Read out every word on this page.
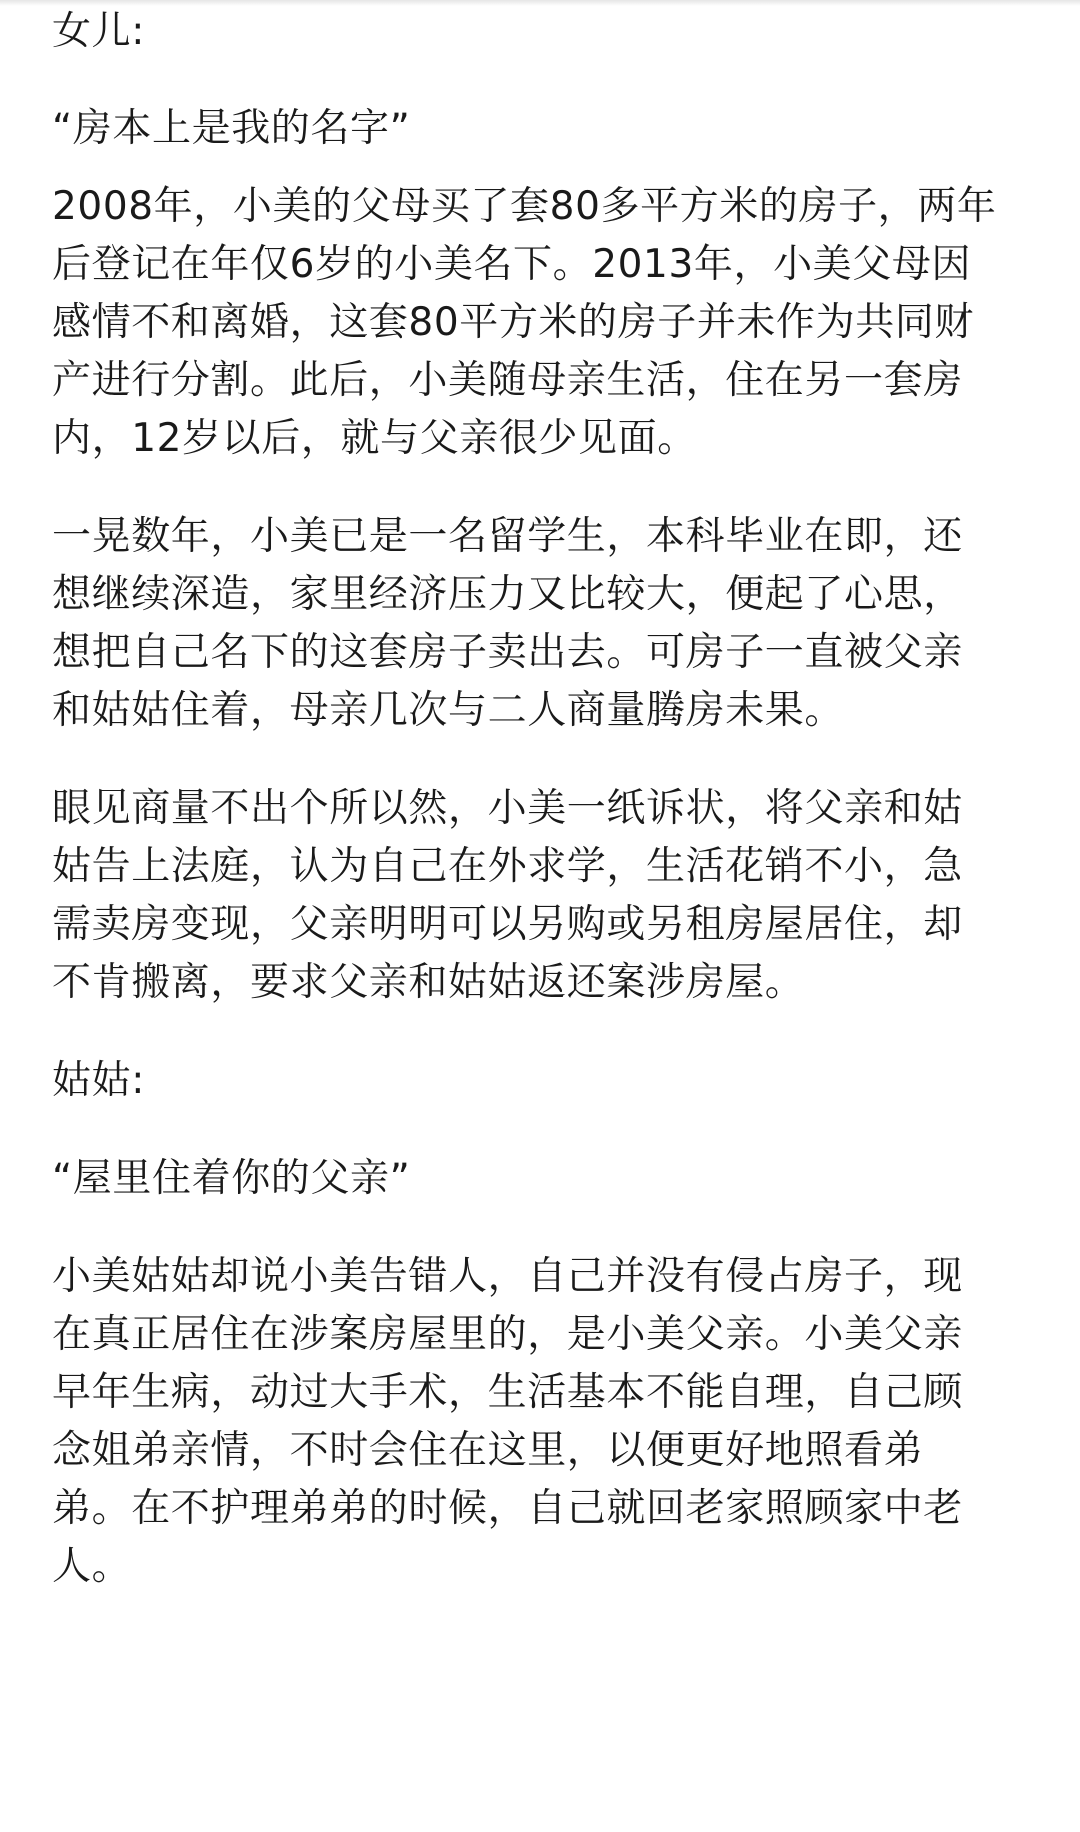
女儿:
“房本上是我的名字”
2008年，小美的父母买了套80多平方米的房子，两年
后登记在年仅6岁的小美名下。2013年，小美父母因
感情不和离婚，这套80平方米的房子并未作为共同财
产进行分割。此后，小美随母亲生活，住在另一套房
内，12岁以后，就与父亲很少见面。
一晃数年，小美已是一名留学生，本科毕业在即，还
想继续深造，家里经济压力又比较大，便起了心思，
想把自己名下的这套房子卖出去。可房子一直被父亲
和姑姑住着，母亲几次与二人商量腾房未果。
眼见商量不出个所以然，小美一纸诉状，将父亲和姑
姑告上法庭，认为自己在外求学，生活花销不小，急
需卖房变现，父亲明明可以另购或另租房屋居住，却
不肯搬离，要求父亲和姑姑返还案涉房屋。
姑姑:
“屋里住着你的父亲”
小美姑姑却说小美告错人，自己并没有侵占房子，现
在真正居住在涉案房屋里的，是小美父亲。小美父亲
早年生病，动过大手术，生活基本不能自理，自己顾
念姐弟亲情，不时会住在这里，以便更好地照看弟
弟。在不护理弟弟的时候，自己就回老家照顾家中老
人。
